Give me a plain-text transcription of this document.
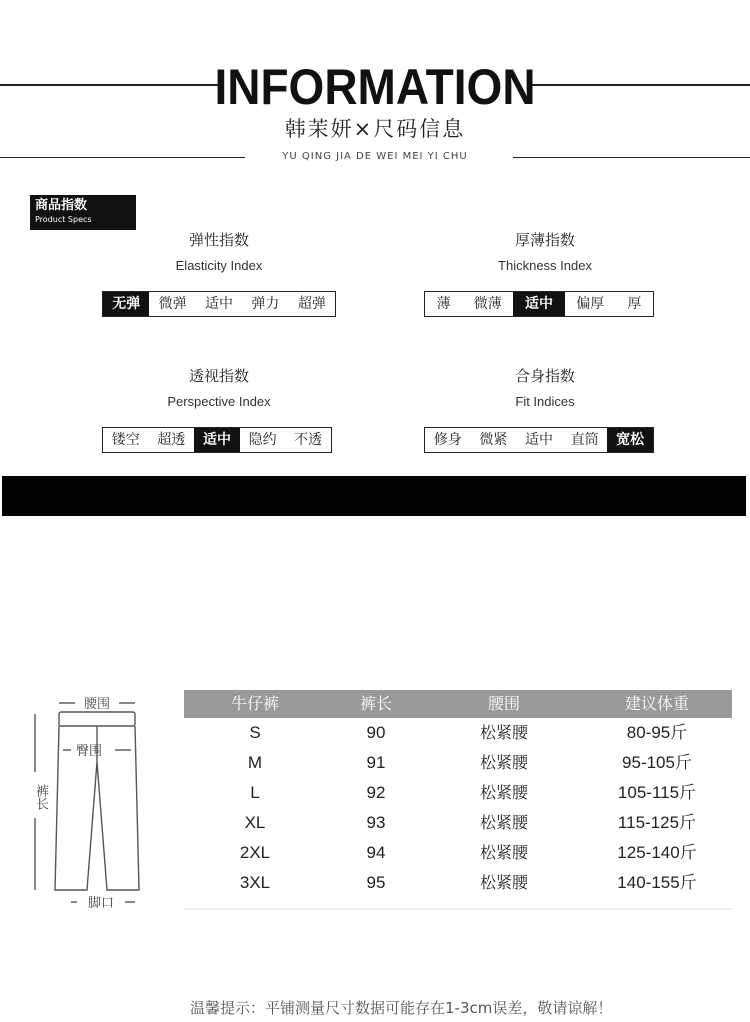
INFORMATION
韩茉妍×尺码信息
YU QING JIA DE WEI MEI YI CHU
商品指数
Product Specs
弹性指数
Elasticity Index
无弹	微弹	适中	弹力	超弹
厚薄指数
Thickness Index
薄	微薄	适中	偏厚	厚
透视指数
Perspective Index
镂空	超透	适中	隐约	不透
合身指数
Fit Indices
修身	微紧	适中	直筒	宽松
腰围
臀围
裤长
脚口
牛仔裤	裤长	腰围	建议体重
S	90	松紧腰	80-95斤
M	91	松紧腰	95-105斤
L	92	松紧腰	105-115斤
XL	93	松紧腰	115-125斤
2XL	94	松紧腰	125-140斤
3XL	95	松紧腰	140-155斤
温馨提示：平铺测量尺寸数据可能存在1-3cm误差，敬请谅解！
